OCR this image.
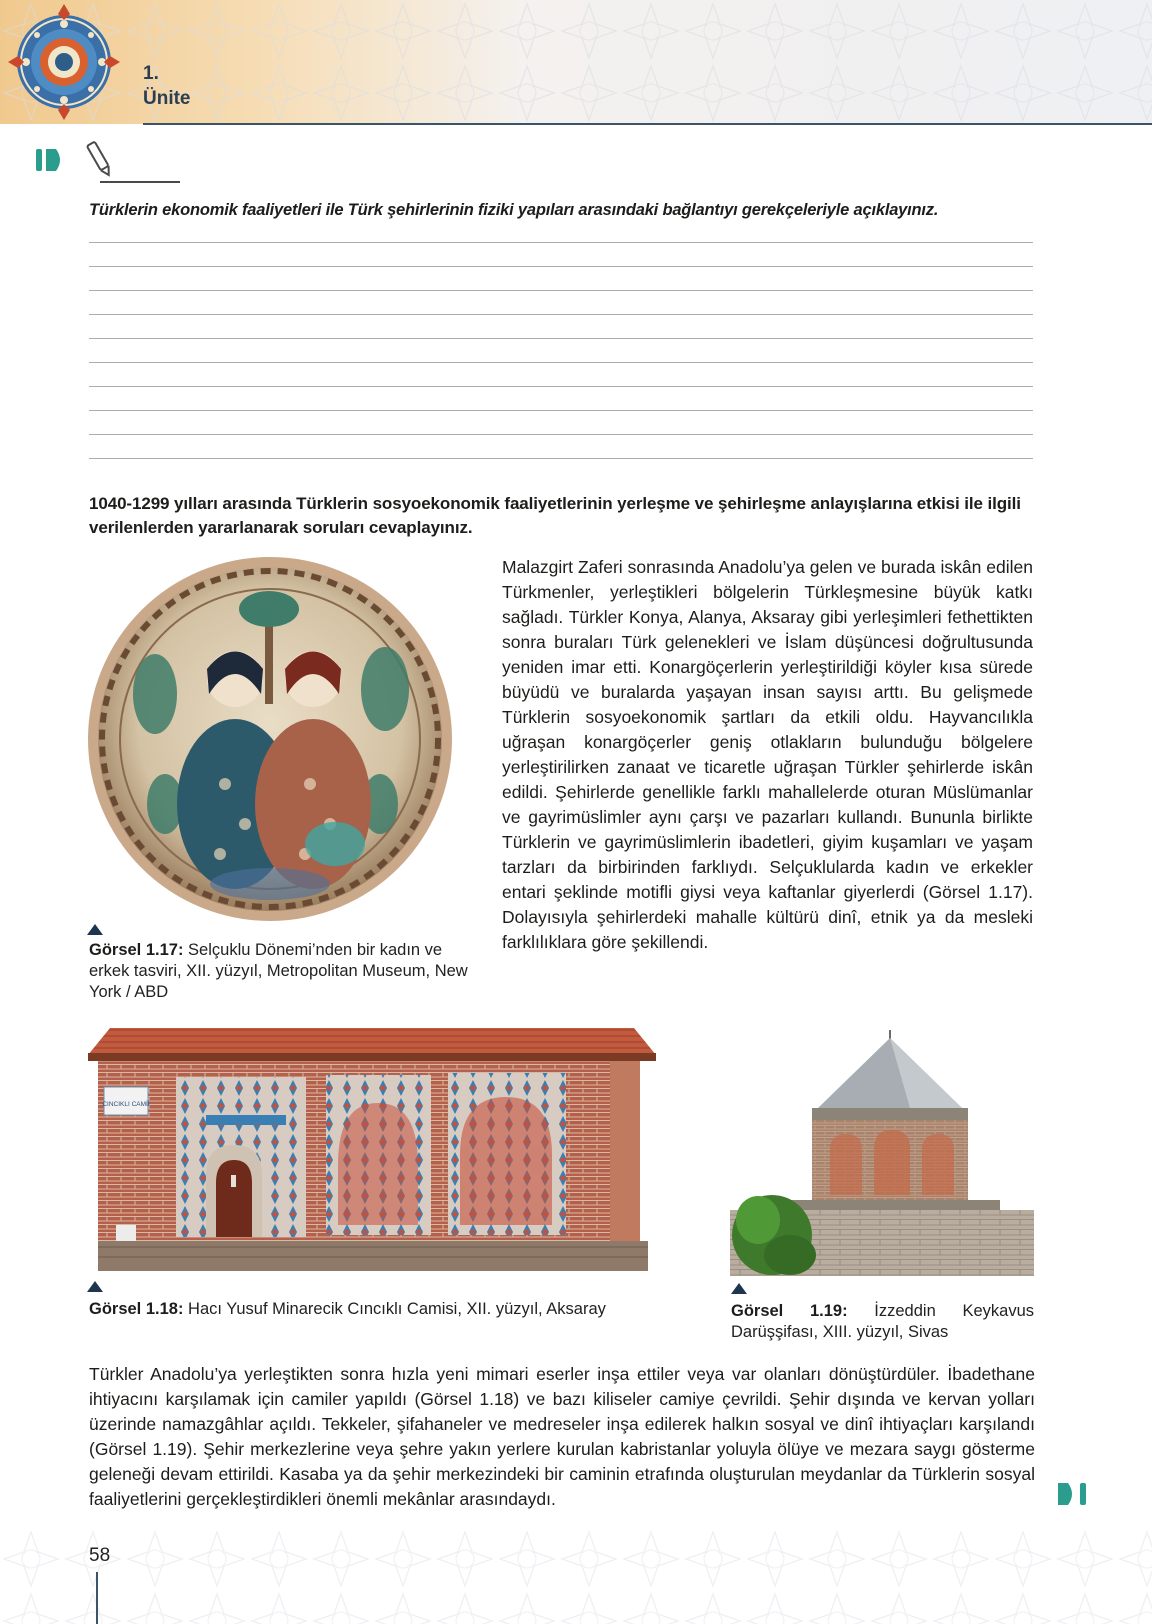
1.
Ünite
Türklerin ekonomik faaliyetleri ile Türk şehirlerinin fiziki yapıları arasındaki bağlantıyı gerekçeleriyle açıklayınız.
1040-1299 yılları arasında Türklerin sosyoekonomik faaliyetlerinin yerleşme ve şehirleşme anlayışlarına etkisi ile ilgili verilenlerden yararlanarak soruları cevaplayınız.
Görsel 1.17: Selçuklu Dönemi’nden bir kadın ve erkek tasviri, XII. yüzyıl, Metropolitan Museum, New York / ABD
Malazgirt Zaferi sonrasında Anadolu’ya gelen ve burada iskân edilen Türkmenler, yerleştikleri bölgelerin Türkleşmesine büyük katkı sağladı. Türkler Konya, Alanya, Aksaray gibi yerleşimleri fethettikten sonra buraları Türk gelenekleri ve İslam düşüncesi doğrultusunda yeniden imar etti. Konargöçerlerin yerleştirildiği köyler kısa sürede büyüdü ve buralarda yaşayan insan sayısı arttı. Bu gelişmede Türklerin sosyoekonomik şartları da etkili oldu. Hayvancılıkla uğraşan konargöçerler geniş otlakların bulunduğu bölgelere yerleştirilirken zanaat ve ticaretle uğraşan Türkler şehirlerde iskân edildi. Şehirlerde genellikle farklı mahallelerde oturan Müslümanlar ve gayrimüslimler aynı çarşı ve pazarları kullandı. Bununla birlikte Türklerin ve gayrimüslimlerin ibadetleri, giyim kuşamları ve yaşam tarzları da birbirinden farklıydı. Selçuklularda kadın ve erkekler entari şeklinde motifli giysi veya kaftanlar giyerlerdi (Görsel 1.17). Dolayısıyla şehirlerdeki mahalle kültürü dinî, etnik ya da mesleki farklılıklara göre şekillendi.
CINCIKLI CAMİİ
Görsel 1.18: Hacı Yusuf Minarecik Cıncıklı Camisi, XII. yüzyıl, Aksaray	Görsel 1.19: İzzeddin Keykavus Darüşşifası, XIII. yüzyıl, Sivas
Türkler Anadolu’ya yerleştikten sonra hızla yeni mimari eserler inşa ettiler veya var olanları dönüştürdüler. İbadethane ihtiyacını karşılamak için camiler yapıldı (Görsel 1.18) ve bazı kiliseler camiye çevrildi. Şehir dışında ve kervan yolları üzerinde namazgâhlar açıldı. Tekkeler, şifahaneler ve medreseler inşa edilerek halkın sosyal ve dinî ihtiyaçları karşılandı (Görsel 1.19). Şehir merkezlerine veya şehre yakın yerlere kurulan kabristanlar yoluyla ölüye ve mezara saygı gösterme geleneği devam ettirildi. Kasaba ya da şehir merkezindeki bir caminin etrafında oluşturulan meydanlar da Türklerin sosyal faaliyetlerini gerçekleştirdikleri önemli mekânlar arasındaydı.
58
